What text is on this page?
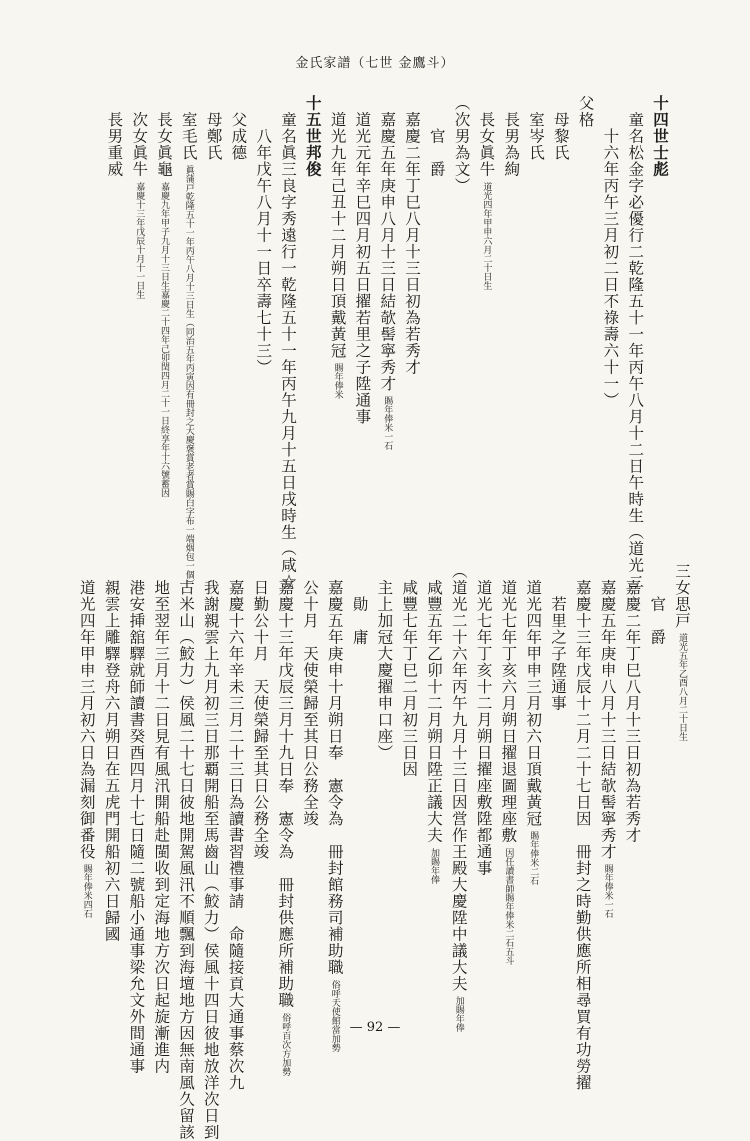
金氏家譜（七世 金鷹斗）
十四世士彪
　童名松金字必優行二乾隆五十一年丙午八月十二日午時生（道光二
　　十六年丙午三月初二日不祿壽六十一）
父格
　母黎氏
　室岑氏
　長男為絢
　長女眞牛道光四年甲申六月二十日生
（次男為文）
　　官　爵
　嘉慶二年丁巳八月十三日初為若秀才
　嘉慶五年庚申八月十三日結欹髻寧秀才賜年俸米一石
　道光元年辛巳四月初五日擢若里之子陞通事
　道光九年己丑十二月朔日頂戴黃冠賜年俸米
十五世邦俊
　童名眞三良字秀遠行一乾隆五十一年丙午九月十五日戌時生（咸☆
　　八年戊午八月十一日卒壽七十三）
　父成德
　母鄭氏
　室毛氏眞蒲戸乾隆五十一年丙午八月十三日生（同治五年丙寅因有冊封之大慶褒賞老者賞賜白字布一端烟包一個）
　長女眞龜嘉慶九年甲子九月十三日生嘉慶二十四年己卯閏四月二十一日終享年十六號蓄因
　次女眞牛嘉慶十三年戊辰十月十一日生
　長男重威
三女思戸道光五年乙酉八月二十日生
　　官　爵
　嘉慶二年丁巳八月十三日初為若秀才
　嘉慶五年庚申八月十三日結欹髻寧秀才賜年俸米一石
　嘉慶十三年戊辰十二月二十七日因　冊封之時勤供應所相尋買有功勞擢
　　若里之子陞通事
　道光四年甲申三月初六日頂戴黃冠賜年俸米二石
　道光七年丁亥六月朔日擢退圖理座敷因任讀書師賜年俸米二石五斗
　道光七年丁亥十二月朔日擢座敷陞都通事
（道光二十六年丙午九月十三日因営作王殿大慶陞中議大夫加賜年俸
　咸豐五年乙卯十二月朔日陞正議大夫加賜年俸
　咸豐七年丁巳二月初三日因
　主上加冠大慶擢申口座）
　　勛　庸
　嘉慶五年庚申十月朔日奉　憲令為　冊封館務司補助職俗呼天使館當加勢
　公十月　天使榮歸至其日公務全竣
　嘉慶十三年戊辰三月十九日奉　憲令為　冊封供應所補助職俗呼百次方加勢
　日勤公十月　天使榮歸至其日公務全竣
　嘉慶十六年辛未三月二十三日為讀書習禮事請　命隨接貢大通事蔡次九
　我謝親雲上九月初三日那覇開船至馬齒山（鮫力）侯風十四日彼地放洋次日到
　古米山（鮫力）侯風二十七日彼地開駕風汛不順飄到海壇地方因無南風久留該
　地至翌年三月十二日見有風汛開船赴閩收到定海地方次日起旋漸進内
　港安挿舘驛就師讀書癸酉四月十七日隨二號船小通事梁允文外間通事
　親雲上雕驛登舟六月朔日在五虎門開船初六日歸國
　道光四年甲申三月初六日為漏刻御番役賜年俸米四石
— 92 —
